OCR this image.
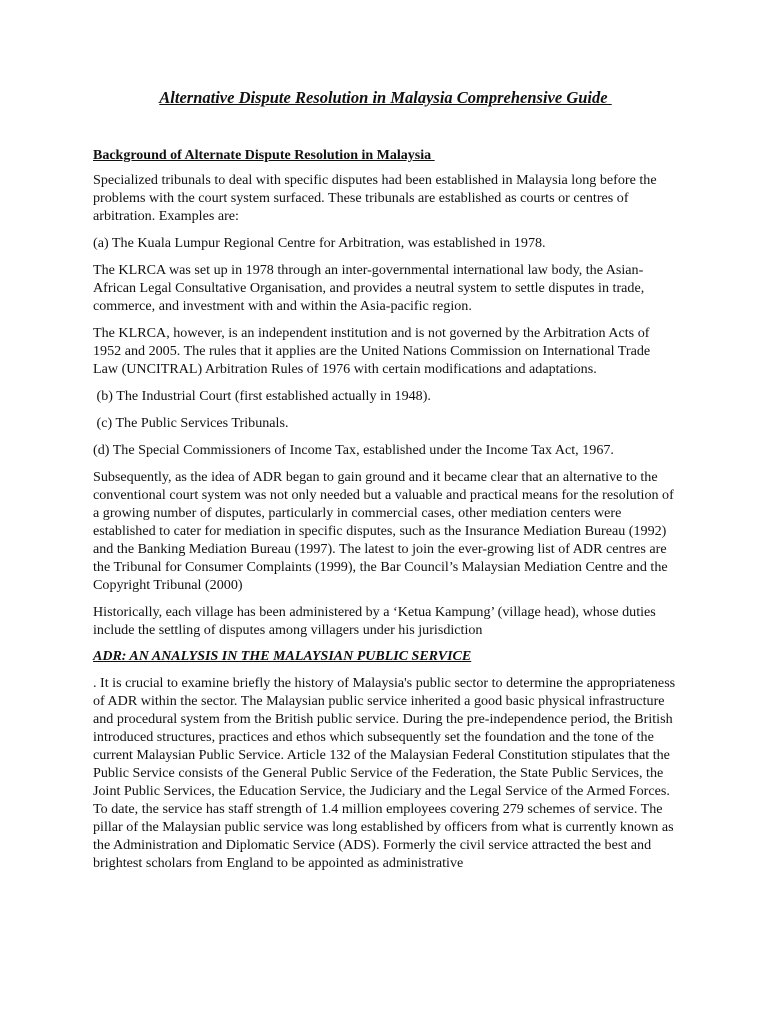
Alternative Dispute Resolution in Malaysia Comprehensive Guide
Background of Alternate Dispute Resolution in Malaysia

Specialized tribunals to deal with specific disputes had been established in Malaysia long before the problems with the court system surfaced. These tribunals are established as courts or centres of arbitration. Examples are:

(a) The Kuala Lumpur Regional Centre for Arbitration, was established in 1978.

The KLRCA was set up in 1978 through an inter-governmental international law body, the Asian-African Legal Consultative Organisation, and provides a neutral system to settle disputes in trade, commerce, and investment with and within the Asia-pacific region.

The KLRCA, however, is an independent institution and is not governed by the Arbitration Acts of 1952 and 2005. The rules that it applies are the United Nations Commission on International Trade Law (UNCITRAL) Arbitration Rules of 1976 with certain modifications and adaptations.

(b) The Industrial Court (first established actually in 1948).

(c) The Public Services Tribunals.

(d) The Special Commissioners of Income Tax, established under the Income Tax Act, 1967.

Subsequently, as the idea of ADR began to gain ground and it became clear that an alternative to the conventional court system was not only needed but a valuable and practical means for the resolution of a growing number of disputes, particularly in commercial cases, other mediation centers were established to cater for mediation in specific disputes, such as the Insurance Mediation Bureau (1992) and the Banking Mediation Bureau (1997). The latest to join the ever-growing list of ADR centres are the Tribunal for Consumer Complaints (1999), the Bar Council’s Malaysian Mediation Centre and the Copyright Tribunal (2000)

Historically, each village has been administered by a ‘Ketua Kampung’ (village head), whose duties include the settling of disputes among villagers under his jurisdiction

ADR: AN ANALYSIS IN THE MALAYSIAN PUBLIC SERVICE

. It is crucial to examine briefly the history of Malaysia's public sector to determine the appropriateness of ADR within the sector. The Malaysian public service inherited a good basic physical infrastructure and procedural system from the British public service. During the pre-independence period, the British introduced structures, practices and ethos which subsequently set the foundation and the tone of the current Malaysian Public Service. Article 132 of the Malaysian Federal Constitution stipulates that the Public Service consists of the General Public Service of the Federation, the State Public Services, the Joint Public Services, the Education Service, the Judiciary and the Legal Service of the Armed Forces. To date, the service has staff strength of 1.4 million employees covering 279 schemes of service. The pillar of the Malaysian public service was long established by officers from what is currently known as the Administration and Diplomatic Service (ADS). Formerly the civil service attracted the best and brightest scholars from England to be appointed as administrative
